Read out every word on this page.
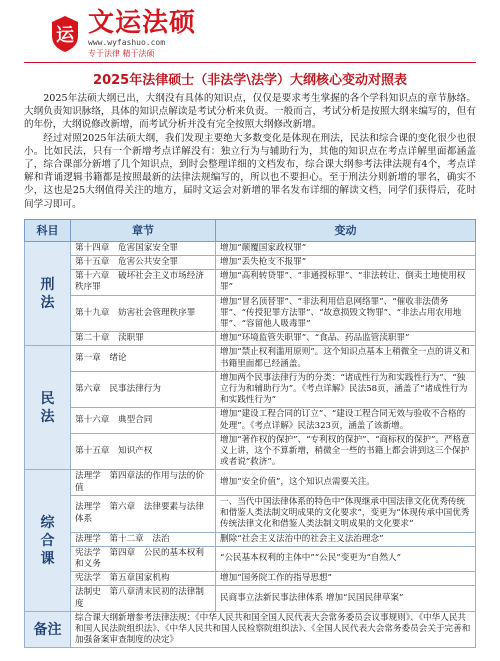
运 文运法硕
www.wyfashuo.com
专于法律 精于法硕
2025年法律硕士（非法学\法学）大纲核心变动对照表

2025年法硕大纲已出，大纲没有具体的知识点，仅仅是要求考生掌握的各个学科知识点的章节脉络。大纲负责知识脉络，具体的知识点解读是考试分析来负责。一般而言，考试分析是按照大纲来编写的，但有的年份，大纲说修改新增，而考试分析并没有完全按照大纲修改新增。

经过对照2025年法硕大纲，我们发现主要绝大多数变化是体现在刑法，民法和综合课的变化很少也很小。比如民法，只有一个新增考点详解没有：独立行为与辅助行为，其他的知识点在考点详解里面都涵盖了，综合课部分新增了几个知识点，到时会整理详细的文档发布，综合课大纲参考法律法规有4个，考点详解和背诵逻辑书籍都是按照最新的法律法规编写的，所以也不要担心。至于刑法分则新增的罪名，确实不少，这也是25大纲值得关注的地方，届时文运会对新增的罪名发布详细的解读文档，同学们获得后，花时间学习即可。

科目	章节	变动
刑
法	第十四章　危害国家安全罪	增加“颠覆国家政权罪”
	第十五章　危害公共安全罪	增加“丢失枪支不报罪”
	第十六章　破坏社会主义市场经济秩序罪	增加“高利转贷罪”、“非通授标罪”、“非法转让、倒卖土地使用权罪”
	第十九章　妨害社会管理秩序罪	增加“冒名顶替罪”、“非法利用信息网络罪”、“催收非法债务罪”、“传授犯罪方法罪”、“故意损毁文物罪”、“非法占用农用地罪”、“容留他人吸毒罪”
	第二十章　渎职罪	增加“环境监管失职罪”、“食品、药品监管渎职罪”
民
法	第一章　绪论	增加“禁止权利滥用原则”。这个知识点基本上稍微全一点的讲义和书籍里面都已经涵盖。
	第六章　民事法律行为	增加两个民事法律行为的分类：“诸成性行为和实践性行为”、“独立行为和辅助行为”。《考点详解》民法58页，涵盖了“诸成性行为和实践性行为”
	第十六章　典型合同	增加“建设工程合同的订立”、“建设工程合同无效与验收不合格的处理”。《考点详解》民法323页，涵盖了该新增。
	第十五章　知识产权	增加“著作权的保护”、“专利权的保护”、“商标权的保护”。严格意义上讲，这个不算新增，稍微全一些的书籍上都会讲到这三个保护或者说“救济”。
综
合
课	法理学　第四章法的作用与法的价值	增加“安全价值”，这个知识点需要关注。
	法理学　第六章　法律要素与法律体系	一、当代中国法律体系的特色中“体现继承中国法律文化优秀传统和借鉴人类法制文明成果的文化要求”，变更为“体现传承中国优秀传统法律文化和借鉴人类法制文明成果的文化要求”
	法理学　第十二章　法治	删除“社会主义法治中的社会主义法治理念”
	宪法学　第四章　公民的基本权利和义务	“公民基本权利的主体中”“公民”变更为“自然人”
	宪法学　第五章国家机构	增加“国务院工作的指导思想”
	法制史　第八章清末民初的法律制度	民商事立法新民事法律体系 增加“民国民律草案”
备注	综合课大纲新增参考法律法规：《中华人民共和国全国人民代表大会常务委员会议事规则》、《中华人民共和国人民法院组织法》、《中华人民共和国人民检察院组织法》、《全国人民代表大会常务委员会关于完善和加强备案审查制度的决定》	
